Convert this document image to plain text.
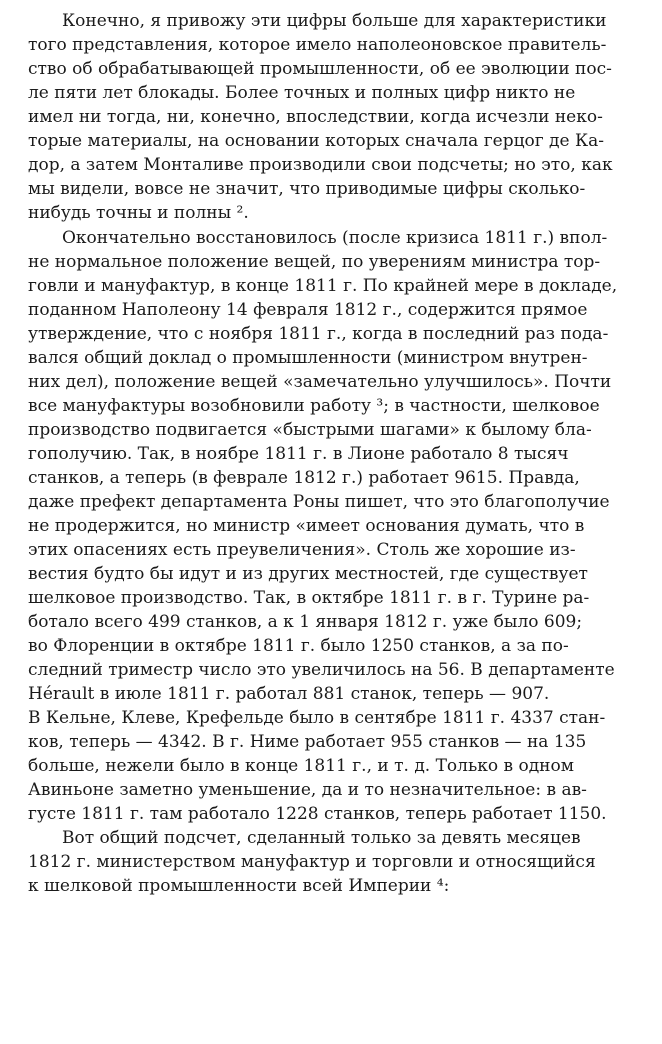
Конечно, я привожу эти цифры больше для характеристики
того представления, которое имело наполеоновское правитель-
ство об обрабатывающей промышленности, об ее эволюции пос-
ле пяти лет блокады. Более точных и полных цифр никто не
имел ни тогда, ни, конечно, впоследствии, когда исчезли неко-
торые материалы, на основании которых сначала герцог де Ка-
дор, а затем Монталиве производили свои подсчеты; но это, как
мы видели, вовсе не значит, что приводимые цифры сколько-
нибудь точны и полны ².
Окончательно восстановилось (после кризиса 1811 г.) впол-
не нормальное положение вещей, по уверениям министра тор-
говли и мануфактур, в конце 1811 г. По крайней мере в докладе,
поданном Наполеону 14 февраля 1812 г., содержится прямое
утверждение, что с ноября 1811 г., когда в последний раз пода-
вался общий доклад о промышленности (министром внутрен-
них дел), положение вещей «замечательно улучшилось». Почти
все мануфактуры возобновили работу ³; в частности, шелковое
производство подвигается «быстрыми шагами» к былому бла-
гополучию. Так, в ноябре 1811 г. в Лионе работало 8 тысяч
станков, а теперь (в феврале 1812 г.) работает 9615. Правда,
даже префект департамента Роны пишет, что это благополучие
не продержится, но министр «имеет основания думать, что в
этих опасениях есть преувеличения». Столь же хорошие из-
вестия будто бы идут и из других местностей, где существует
шелковое производство. Так, в октябре 1811 г. в г. Турине ра-
ботало всего 499 станков, а к 1 января 1812 г. уже было 609;
во Флоренции в октябре 1811 г. было 1250 станков, а за по-
следний триместр число это увеличилось на 56. В департаменте
Hérault в июле 1811 г. работал 881 станок, теперь — 907.
В Кельне, Клеве, Крефельде было в сентябре 1811 г. 4337 стан-
ков, теперь — 4342. В г. Ниме работает 955 станков — на 135
больше, нежели было в конце 1811 г., и т. д. Только в одном
Авиньоне заметно уменьшение, да и то незначительное: в ав-
густе 1811 г. там работало 1228 станков, теперь работает 1150.
Вот общий подсчет, сделанный только за девять месяцев
1812 г. министерством мануфактур и торговли и относящийся
к шелковой промышленности всей Империи ⁴:
